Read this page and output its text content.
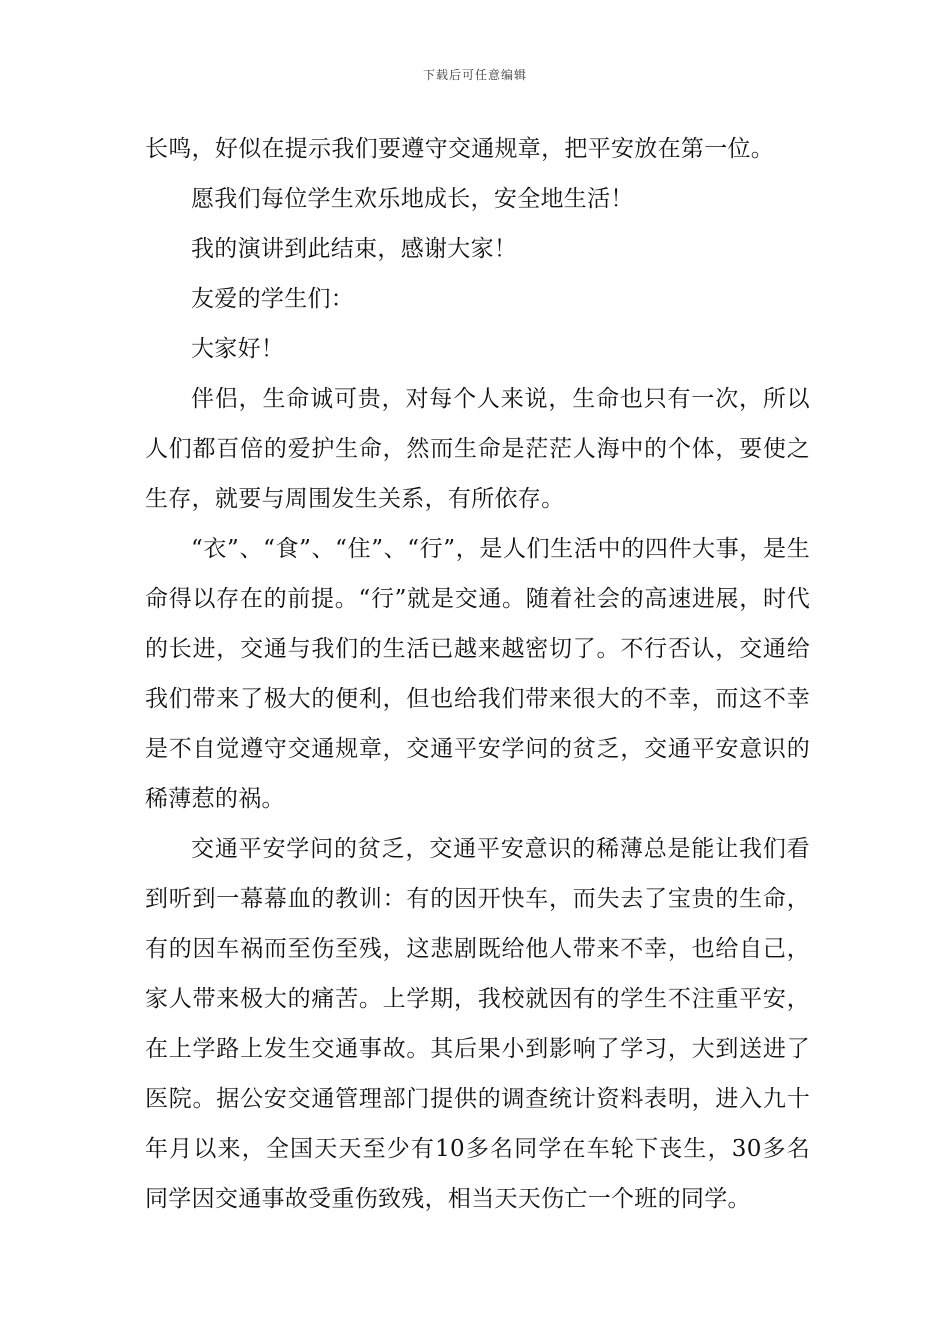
下载后可任意编辑

长鸣，好似在提示我们要遵守交通规章，把平安放在第一位。

愿我们每位学生欢乐地成长，安全地生活！

我的演讲到此结束，感谢大家！

友爱的学生们：

大家好！

伴侣，生命诚可贵，对每个人来说，生命也只有一次，所以人们都百倍的爱护生命，然而生命是茫茫人海中的个体，要使之生存，就要与周围发生关系，有所依存。

“衣”、“食”、“住”、“行”，是人们生活中的四件大事，是生命得以存在的前提。“行”就是交通。随着社会的高速进展，时代的长进，交通与我们的生活已越来越密切了。不行否认，交通给我们带来了极大的便利，但也给我们带来很大的不幸，而这不幸是不自觉遵守交通规章，交通平安学问的贫乏，交通平安意识的稀薄惹的祸。

交通平安学问的贫乏，交通平安意识的稀薄总是能让我们看到听到一幕幕血的教训：有的因开快车，而失去了宝贵的生命，有的因车祸而至伤至残，这悲剧既给他人带来不幸，也给自己，家人带来极大的痛苦。上学期，我校就因有的学生不注重平安，在上学路上发生交通事故。其后果小到影响了学习，大到送进了医院。据公安交通管理部门提供的调查统计资料表明，进入九十年月以来，全国天天至少有10多名同学在车轮下丧生，30多名同学因交通事故受重伤致残，相当天天伤亡一个班的同学。
